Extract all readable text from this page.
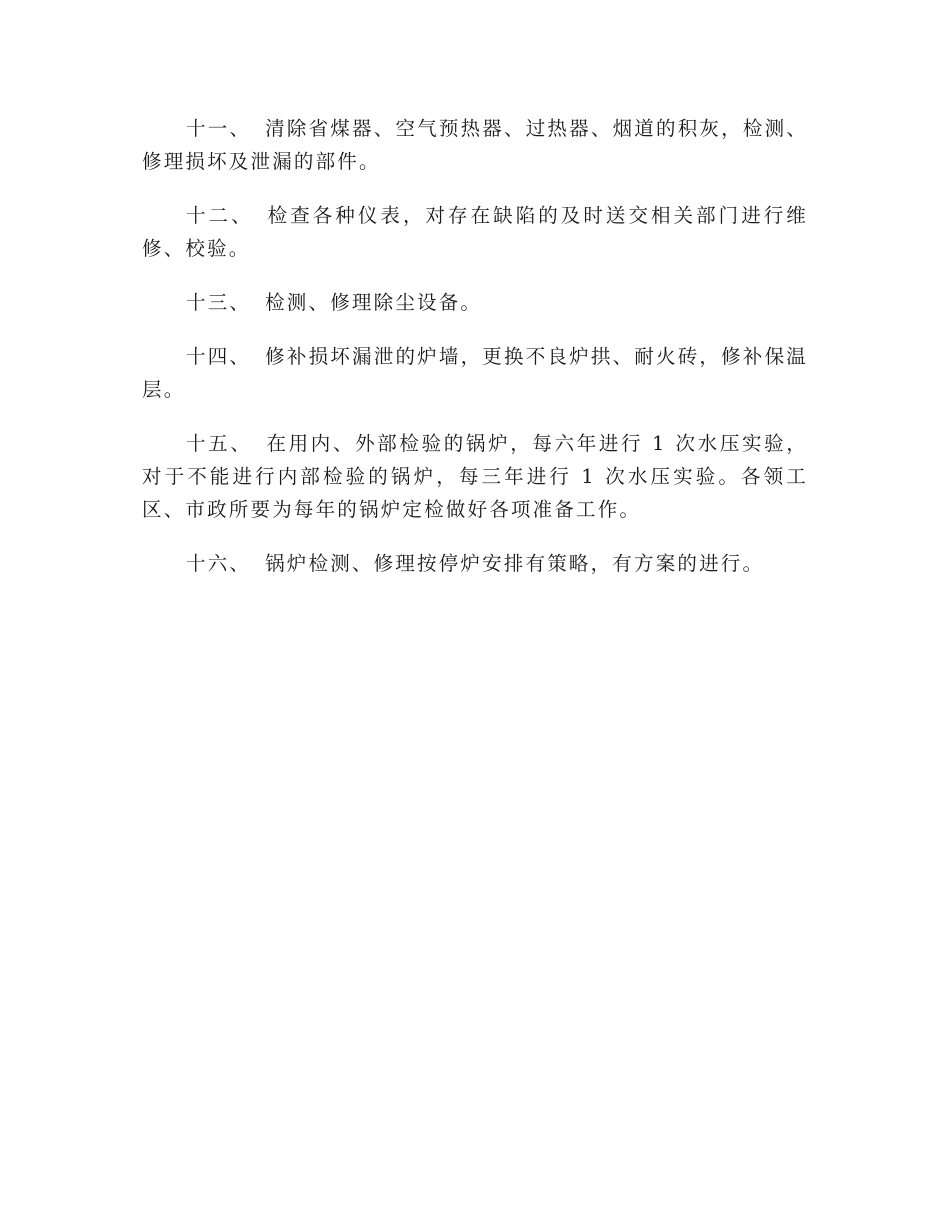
十一、 清除省煤器、空气预热器、过热器、烟道的积灰，检测、修理损坏及泄漏的部件。

十二、 检查各种仪表，对存在缺陷的及时送交相关部门进行维修、校验。

十三、 检测、修理除尘设备。

十四、 修补损坏漏泄的炉墙，更换不良炉拱、耐火砖，修补保温层。

十五、 在用内、外部检验的锅炉，每六年进行 1 次水压实验，对于不能进行内部检验的锅炉，每三年进行 1 次水压实验。各领工区、市政所要为每年的锅炉定检做好各项准备工作。

十六、 锅炉检测、修理按停炉安排有策略，有方案的进行。
